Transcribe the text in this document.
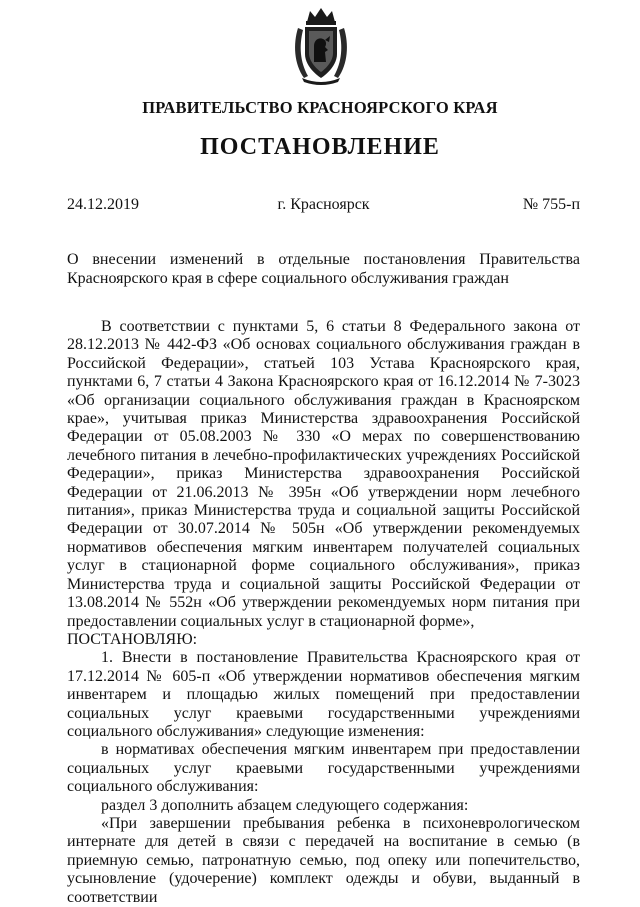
ПРАВИТЕЛЬСТВО КРАСНОЯРСКОГО КРАЯ
ПОСТАНОВЛЕНИЕ
24.12.2019	г. Красноярск	№ 755-п

О внесении изменений в отдельные постановления Правительства Красноярского края в сфере социального обслуживания граждан

В соответствии с пунктами 5, 6 статьи 8 Федерального закона от 28.12.2013 № 442-ФЗ «Об основах социального обслуживания граждан в Российской Федерации», статьей 103 Устава Красноярского края, пунктами 6, 7 статьи 4 Закона Красноярского края от 16.12.2014 № 7-3023 «Об организации социального обслуживания граждан в Красноярском крае», учитывая приказ Министерства здравоохранения Российской Федерации от 05.08.2003 № 330 «О мерах по совершенствованию лечебного питания в лечебно-профилактических учреждениях Российской Федерации», приказ Министерства здравоохранения Российской Федерации от 21.06.2013 № 395н «Об утверждении норм лечебного питания», приказ Министерства труда и социальной защиты Российской Федерации от 30.07.2014 № 505н «Об утверждении рекомендуемых нормативов обеспечения мягким инвентарем получателей социальных услуг в стационарной форме социального обслуживания», приказ Министерства труда и социальной защиты Российской Федерации от 13.08.2014 № 552н «Об утверждении рекомендуемых норм питания при предоставлении социальных услуг в стационарной форме»,

ПОСТАНОВЛЯЮ:

1. Внести в постановление Правительства Красноярского края от 17.12.2014 № 605-п «Об утверждении нормативов обеспечения мягким инвентарем и площадью жилых помещений при предоставлении социальных услуг краевыми государственными учреждениями социального обслуживания» следующие изменения:

в нормативах обеспечения мягким инвентарем при предоставлении социальных услуг краевыми государственными учреждениями социального обслуживания:

раздел 3 дополнить абзацем следующего содержания:

«При завершении пребывания ребенка в психоневрологическом интернате для детей в связи с передачей на воспитание в семью (в приемную семью, патронатную семью, под опеку или попечительство, усыновление (удочерение) комплект одежды и обуви, выданный в соответствии
